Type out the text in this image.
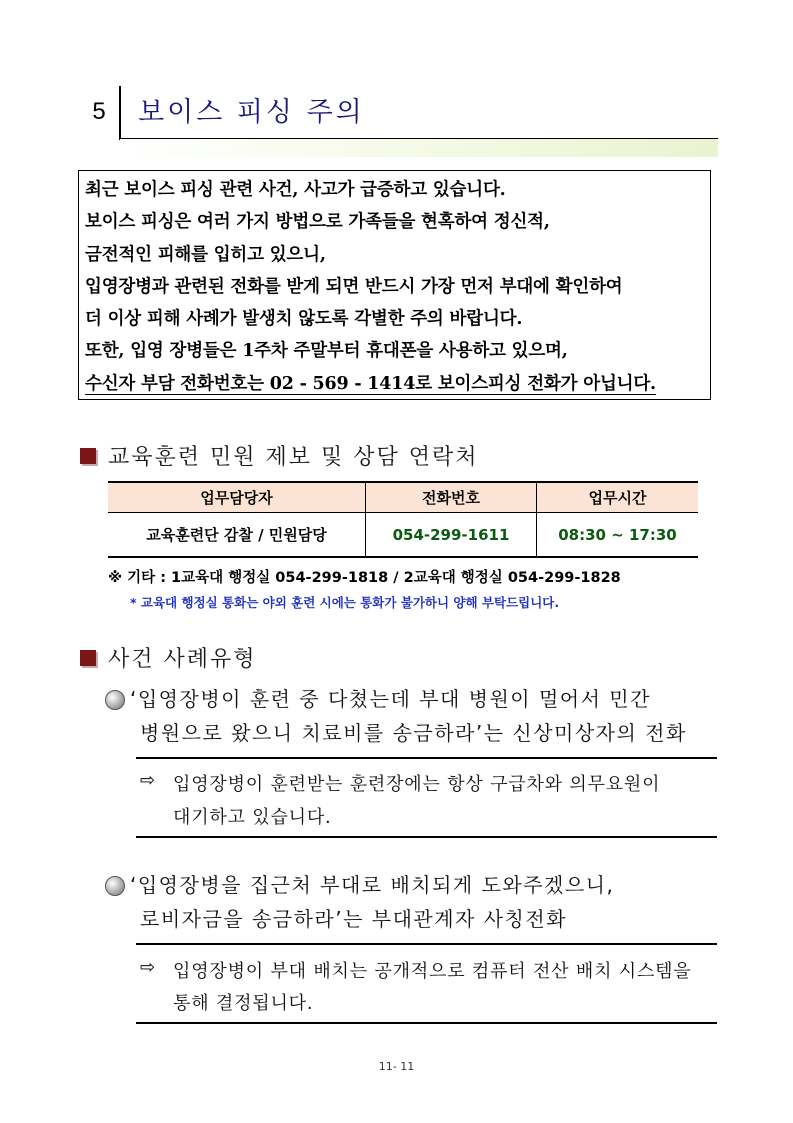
5	보이스 피싱 주의
최근 보이스 피싱 관련 사건, 사고가 급증하고 있습니다.
보이스 피싱은 여러 가지 방법으로 가족들을 현혹하여 정신적,
금전적인 피해를 입히고 있으니,
입영장병과 관련된 전화를 받게 되면 반드시 가장 먼저 부대에 확인하여
더 이상 피해 사례가 발생치 않도록 각별한 주의 바랍니다.
또한, 입영 장병들은 1주차 주말부터 휴대폰을 사용하고 있으며,
수신자 부담 전화번호는 02 - 569 - 1414로 보이스피싱 전화가 아닙니다.
교육훈련 민원 제보 및 상담 연락처
업무담당자	전화번호	업무시간
교육훈련단 감찰 / 민원담당	054-299-1611	08:30 ~ 17:30
※ 기타 : 1교육대 행정실 054-299-1818 / 2교육대 행정실 054-299-1828
* 교육대 행정실 통화는 야외 훈련 시에는 통화가 불가하니 양해 부탁드립니다.
사건 사례유형
‘입영장병이 훈련 중 다쳤는데 부대 병원이 멀어서 민간
병원으로 왔으니 치료비를 송금하라’는 신상미상자의 전화
⇨ 입영장병이 훈련받는 훈련장에는 항상 구급차와 의무요원이
대기하고 있습니다.
‘입영장병을 집근처 부대로 배치되게 도와주겠으니,
로비자금을 송금하라’는 부대관계자 사칭전화
⇨ 입영장병이 부대 배치는 공개적으로 컴퓨터 전산 배치 시스템을
통해 결정됩니다.
11- 11
